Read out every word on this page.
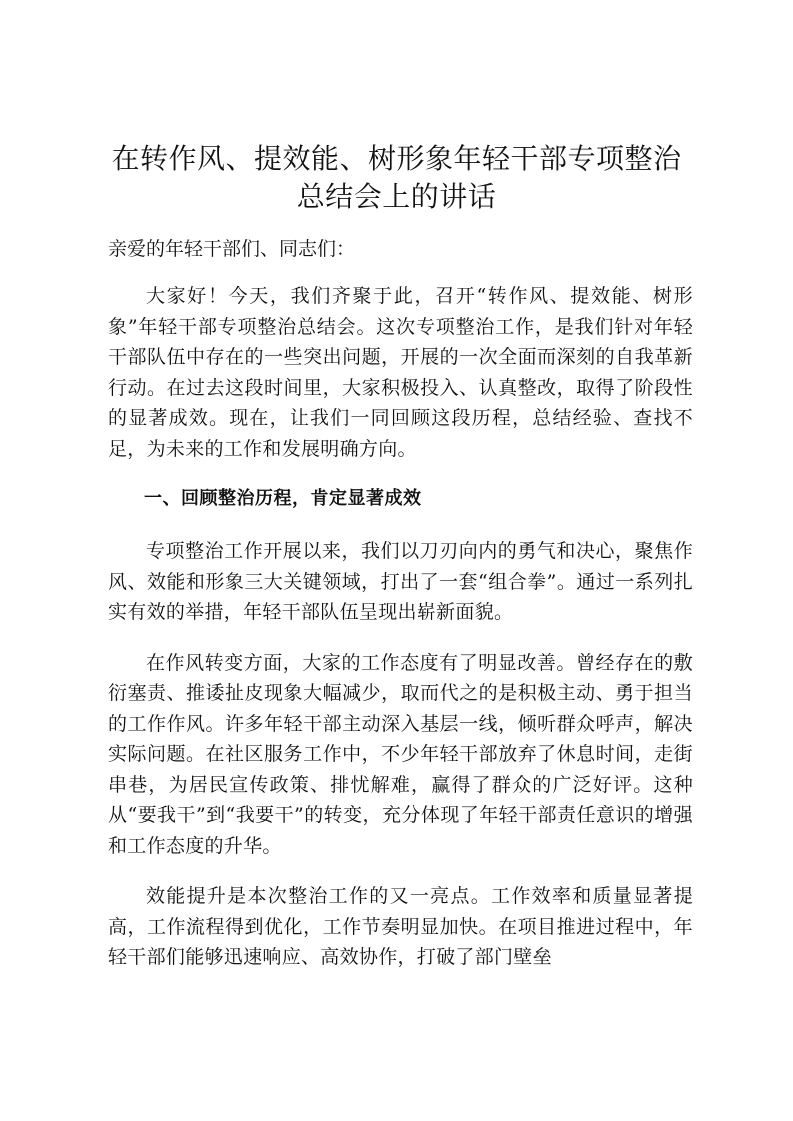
在转作风、提效能、树形象年轻干部专项整治
总结会上的讲话

亲爱的年轻干部们、同志们：

大家好！今天，我们齐聚于此，召开“转作风、提效能、树形象”年轻干部专项整治总结会。这次专项整治工作，是我们针对年轻干部队伍中存在的一些突出问题，开展的一次全面而深刻的自我革新行动。在过去这段时间里，大家积极投入、认真整改，取得了阶段性的显著成效。现在，让我们一同回顾这段历程，总结经验、查找不足，为未来的工作和发展明确方向。

一、回顾整治历程，肯定显著成效

专项整治工作开展以来，我们以刀刃向内的勇气和决心，聚焦作风、效能和形象三大关键领域，打出了一套“组合拳”。通过一系列扎实有效的举措，年轻干部队伍呈现出崭新面貌。

在作风转变方面，大家的工作态度有了明显改善。曾经存在的敷衍塞责、推诿扯皮现象大幅减少，取而代之的是积极主动、勇于担当的工作作风。许多年轻干部主动深入基层一线，倾听群众呼声，解决实际问题。在社区服务工作中，不少年轻干部放弃了休息时间，走街串巷，为居民宣传政策、排忧解难，赢得了群众的广泛好评。这种从“要我干”到“我要干”的转变，充分体现了年轻干部责任意识的增强和工作态度的升华。

效能提升是本次整治工作的又一亮点。工作效率和质量显著提高，工作流程得到优化，工作节奏明显加快。在项目推进过程中，年轻干部们能够迅速响应、高效协作，打破了部门壁垒
